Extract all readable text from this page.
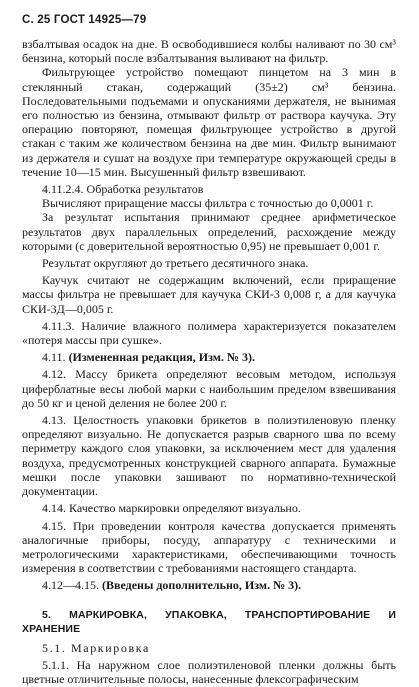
С. 25 ГОСТ 14925—79

взбалтывая осадок на дне. В освободившиеся колбы наливают по 30 см³ бензина, который после взбалтывания выливают на фильтр.

Фильтрующее устройство помещают пинцетом на 3 мин в стеклянный стакан, содержащий (35±2) см³ бензина. Последовательными подъемами и опусканиями держателя, не вынимая его полностью из бензина, отмывают фильтр от раствора каучука. Эту операцию повторяют, помещая фильтрующее устройство в другой стакан с таким же количеством бензина на две мин. Фильтр вынимают из держателя и сушат на воздухе при температуре окружающей среды в течение 10—15 мин. Высушенный фильтр взвешивают.

4.11.2.4. Обработка результатов

Вычисляют приращение массы фильтра с точностью до 0,0001 г.

За результат испытания принимают среднее арифметическое результатов двух параллельных определений, расхождение между которыми (с доверительной вероятностью 0,95) не превышает 0,001 г.

Результат округляют до третьего десятичного знака.

Каучук считают не содержащим включений, если приращение массы фильтра не превышает для каучука СКИ-3 0,008 г, а для каучука СКИ-3Д—0,005 г.

4.11.3. Наличие влажного полимера характеризуется показателем «потеря массы при сушке».

4.11. (Измененная редакция, Изм. № 3).

4.12. Массу брикета определяют весовым методом, используя циферблатные весы любой марки с наибольшим пределом взвешивания до 50 кг и ценой деления не более 200 г.

4.13. Целостность упаковки брикетов в полиэтиленовую пленку определяют визуально. Не допускается разрыв сварного шва по всему периметру каждого слоя упаковки, за исключением мест для удаления воздуха, предусмотренных конструкцией сварного аппарата. Бумажные мешки после упаковки зашивают по нормативно-технической документации.

4.14. Качество маркировки определяют визуально.

4.15. При проведении контроля качества допускается применять аналогичные приборы, посуду, аппаратуру с техническими и метрологическими характеристиками, обеспечивающими точность измерения в соответствии с требованиями настоящего стандарта.

4.12—4.15. (Введены дополнительно, Изм. № 3).

5. МАРКИРОВКА, УПАКОВКА, ТРАНСПОРТИРОВАНИЕ И ХРАНЕНИЕ

5.1. Маркировка

5.1.1. На наружном слое полиэтиленовой пленки должны быть цветные отличительные полосы, нанесенные флексографическим
